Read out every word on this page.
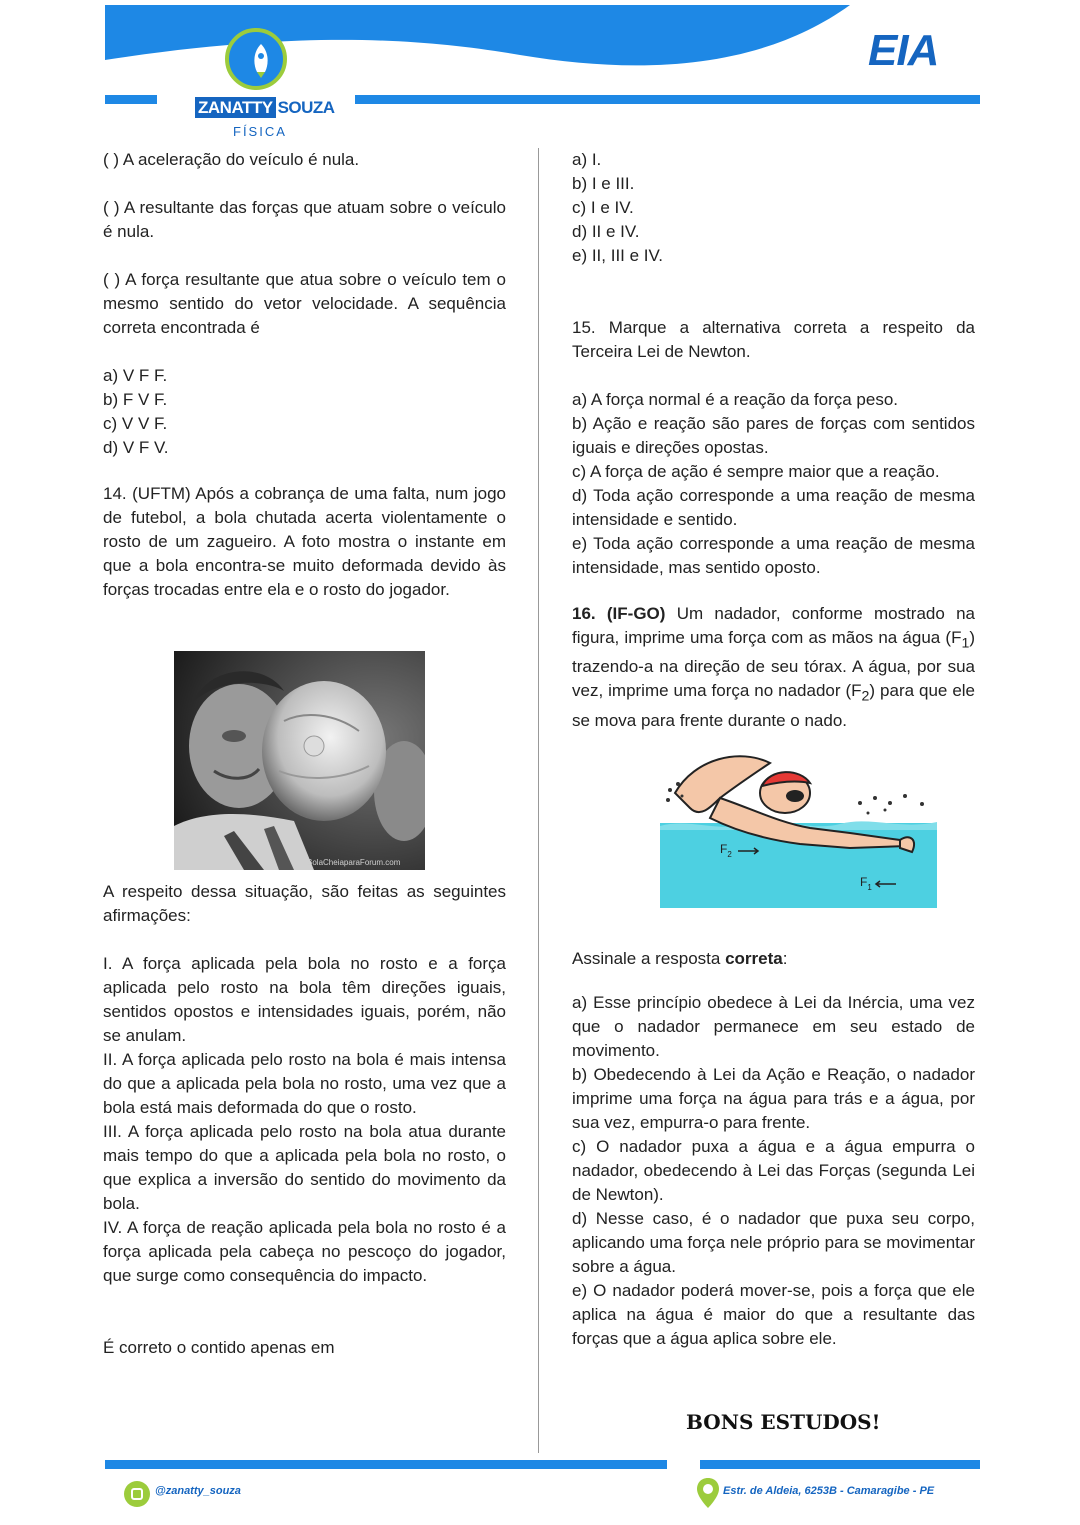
ZANATTY SOUZA
FÍSICA
EIA
( ) A aceleração do veículo é nula.
( ) A resultante das forças que atuam sobre o veículo é nula.
( ) A força resultante que atua sobre o veículo tem o mesmo sentido do vetor velocidade. A sequência correta encontrada é
a) V F F.
b) F V F.
c) V V F.
d) V F V.
14. (UFTM) Após a cobrança de uma falta, num jogo de futebol, a bola chutada acerta violentamente o rosto de um zagueiro. A foto mostra o instante em que a bola encontra-se muito deformada devido às forças trocadas entre ela e o rosto do jogador.
A respeito dessa situação, são feitas as seguintes afirmações:
I. A força aplicada pela bola no rosto e a força aplicada pelo rosto na bola têm direções iguais, sentidos opostos e intensidades iguais, porém, não se anulam.
II. A força aplicada pelo rosto na bola é mais intensa do que a aplicada pela bola no rosto, uma vez que a bola está mais deformada do que o rosto.
III. A força aplicada pelo rosto na bola atua durante mais tempo do que a aplicada pela bola no rosto, o que explica a inversão do sentido do movimento da bola.
IV. A força de reação aplicada pela bola no rosto é a força aplicada pela cabeça no pescoço do jogador, que surge como consequência do impacto.
É correto o contido apenas em
BolaCheiaparaForum.com
a) I.
b) I e III.
c) I e IV.
d) II e IV.
e) II, III e IV.
15. Marque a alternativa correta a respeito da Terceira Lei de Newton.
a) A força normal é a reação da força peso.
b) Ação e reação são pares de forças com sentidos iguais e direções opostas.
c) A força de ação é sempre maior que a reação.
d) Toda ação corresponde a uma reação de mesma intensidade e sentido.
e) Toda ação corresponde a uma reação de mesma intensidade, mas sentido oposto.
16. (IF-GO) Um nadador, conforme mostrado na figura, imprime uma força com as mãos na água $(F_1)$ trazendo-a na direção de seu tórax. A água, por sua vez, imprime uma força no nadador $(F_2)$ para que ele se mova para frente durante o nado.
Assinale a resposta correta:
a) Esse princípio obedece à Lei da Inércia, uma vez que o nadador permanece em seu estado de movimento.
b) Obedecendo à Lei da Ação e Reação, o nadador imprime uma força na água para trás e a água, por sua vez, empurra-o para frente.
c) O nadador puxa a água e a água empurra o nadador, obedecendo à Lei das Forças (segunda Lei de Newton).
d) Nesse caso, é o nadador que puxa seu corpo, aplicando uma força nele próprio para se movimentar sobre a água.
e) O nadador poderá mover-se, pois a força que ele aplica na água é maior do que a resultante das forças que a água aplica sobre ele.
$F_2$
$F_1$
BONS ESTUDOS!
@zanatty_souza	Estr. de Aldeia, 6253B - Camaragibe - PE
